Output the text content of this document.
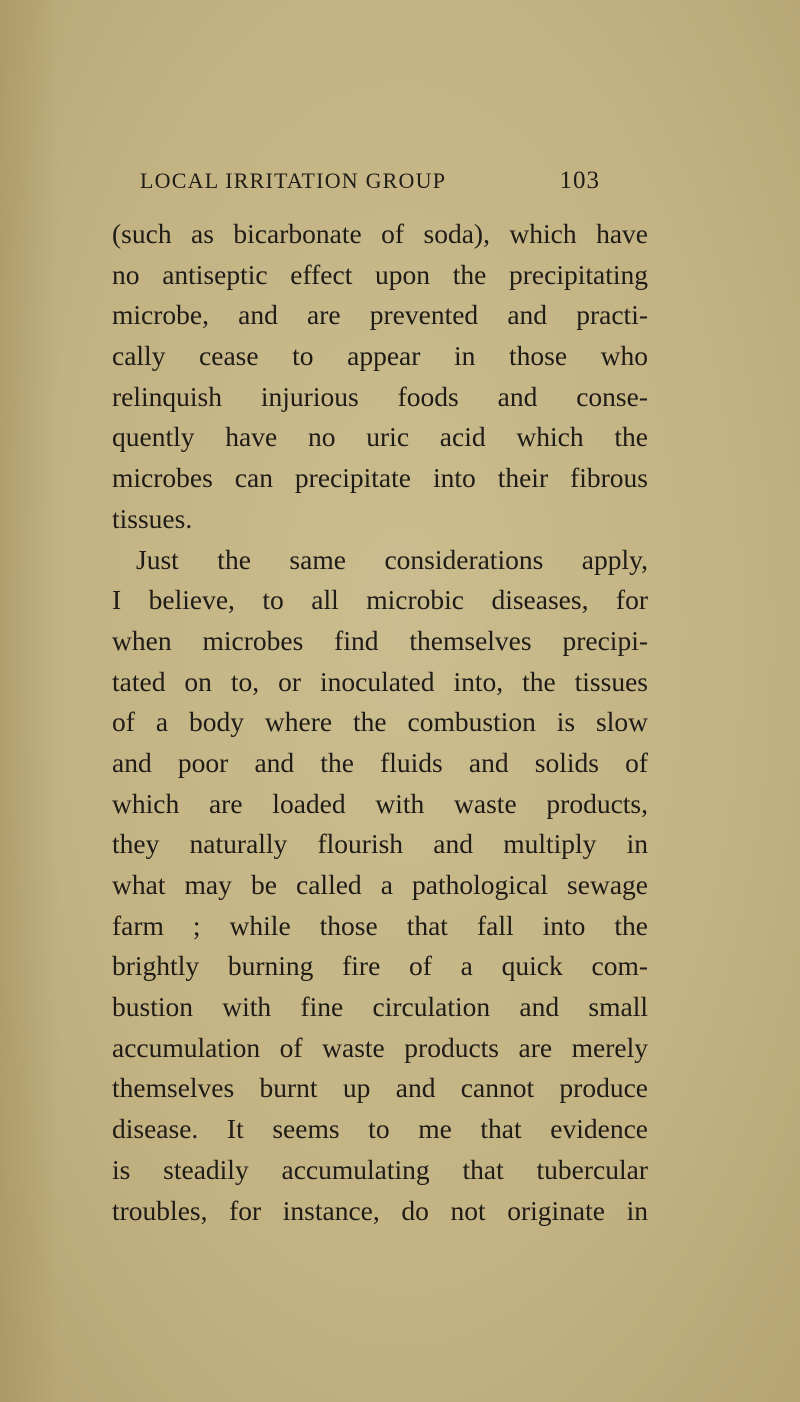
LOCAL IRRITATION GROUP	103
(such as bicarbonate of soda), which have
no antiseptic effect upon the precipitating
microbe, and are prevented and practi-
cally cease to appear in those who
relinquish injurious foods and conse-
quently have no uric acid which the
microbes can precipitate into their fibrous
tissues.
Just the same considerations apply,
I believe, to all microbic diseases, for
when microbes find themselves precipi-
tated on to, or inoculated into, the tissues
of a body where the combustion is slow
and poor and the fluids and solids of
which are loaded with waste products,
they naturally flourish and multiply in
what may be called a pathological sewage
farm ; while those that fall into the
brightly burning fire of a quick com-
bustion with fine circulation and small
accumulation of waste products are merely
themselves burnt up and cannot produce
disease. It seems to me that evidence
is steadily accumulating that tubercular
troubles, for instance, do not originate in
